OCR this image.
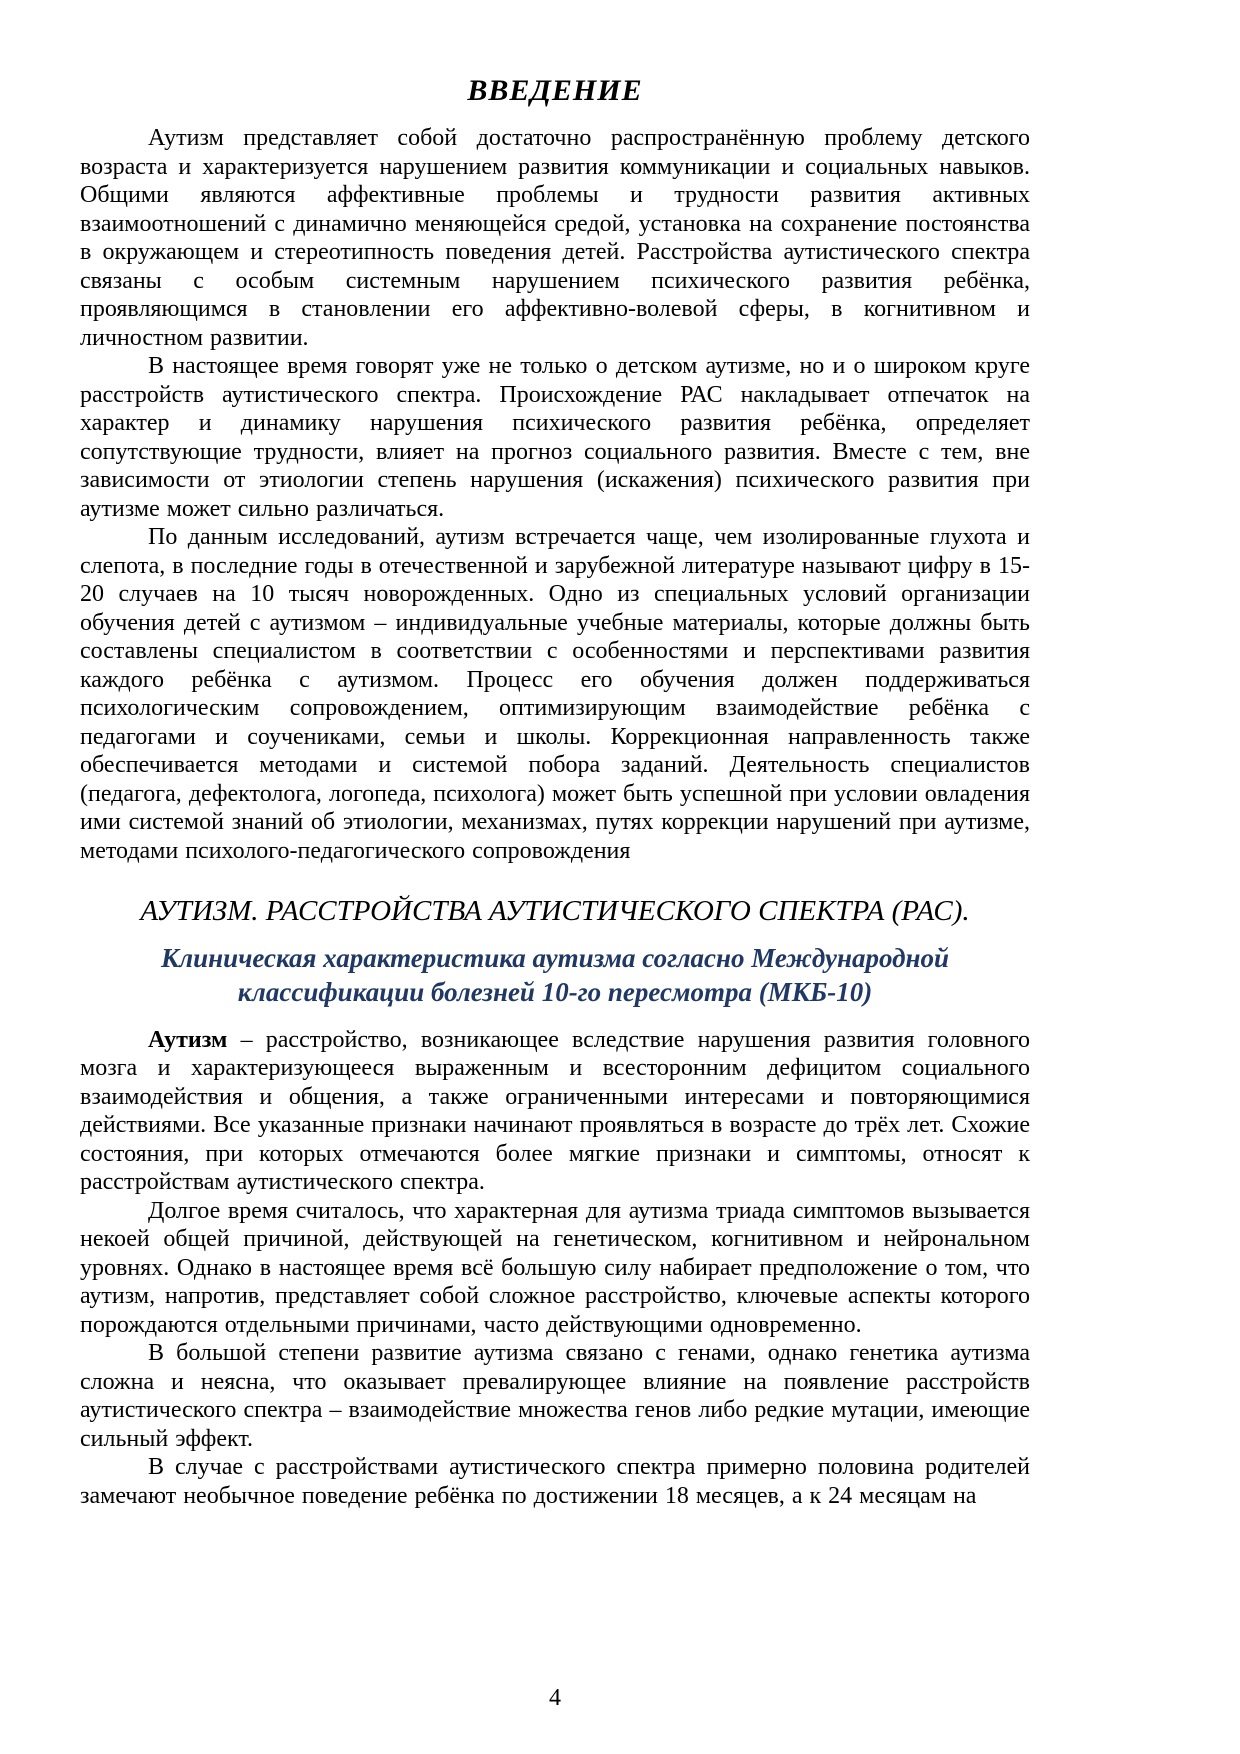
ВВЕДЕНИЕ

Аутизм представляет собой достаточно распространённую проблему детского возраста и характеризуется нарушением развития коммуникации и социальных навыков. Общими являются аффективные проблемы и трудности развития активных взаимоотношений с динамично меняющейся средой, установка на сохранение постоянства в окружающем и стереотипность поведения детей. Расстройства аутистического спектра связаны с особым системным нарушением психического развития ребёнка, проявляющимся в становлении его аффективно-волевой сферы, в когнитивном и личностном развитии.

В настоящее время говорят уже не только о детском аутизме, но и о широком круге расстройств аутистического спектра. Происхождение РАС накладывает отпечаток на характер и динамику нарушения психического развития ребёнка, определяет сопутствующие трудности, влияет на прогноз социального развития. Вместе с тем, вне зависимости от этиологии степень нарушения (искажения) психического развития при аутизме может сильно различаться.

По данным исследований, аутизм встречается чаще, чем изолированные глухота и слепота, в последние годы в отечественной и зарубежной литературе называют цифру в 15-20 случаев на 10 тысяч новорожденных. Одно из специальных условий организации обучения детей с аутизмом – индивидуальные учебные материалы, которые должны быть составлены специалистом в соответствии с особенностями и перспективами развития каждого ребёнка с аутизмом. Процесс его обучения должен поддерживаться психологическим сопровождением, оптимизирующим взаимодействие ребёнка с педагогами и соучениками, семьи и школы. Коррекционная направленность также обеспечивается методами и системой побора заданий. Деятельность специалистов (педагога, дефектолога, логопеда, психолога) может быть успешной при условии овладения ими системой знаний об этиологии, механизмах, путях коррекции нарушений при аутизме, методами психолого-педагогического сопровождения

АУТИЗМ. РАССТРОЙСТВА АУТИСТИЧЕСКОГО СПЕКТРА (РАС).
Клиническая характеристика аутизма согласно Международной классификации болезней 10-го пересмотра (МКБ-10)

Аутизм – расстройство, возникающее вследствие нарушения развития головного мозга и характеризующееся выраженным и всесторонним дефицитом социального взаимодействия и общения, а также ограниченными интересами и повторяющимися действиями. Все указанные признаки начинают проявляться в возрасте до трёх лет. Схожие состояния, при которых отмечаются более мягкие признаки и симптомы, относят к расстройствам аутистического спектра.

Долгое время считалось, что характерная для аутизма триада симптомов вызывается некоей общей причиной, действующей на генетическом, когнитивном и нейрональном уровнях. Однако в настоящее время всё большую силу набирает предположение о том, что аутизм, напротив, представляет собой сложное расстройство, ключевые аспекты которого порождаются отдельными причинами, часто действующими одновременно.

В большой степени развитие аутизма связано с генами, однако генетика аутизма сложна и неясна, что оказывает превалирующее влияние на появление расстройств аутистического спектра – взаимодействие множества генов либо редкие мутации, имеющие сильный эффект.

В случае с расстройствами аутистического спектра примерно половина родителей замечают необычное поведение ребёнка по достижении 18 месяцев, а к 24 месяцам на

4
